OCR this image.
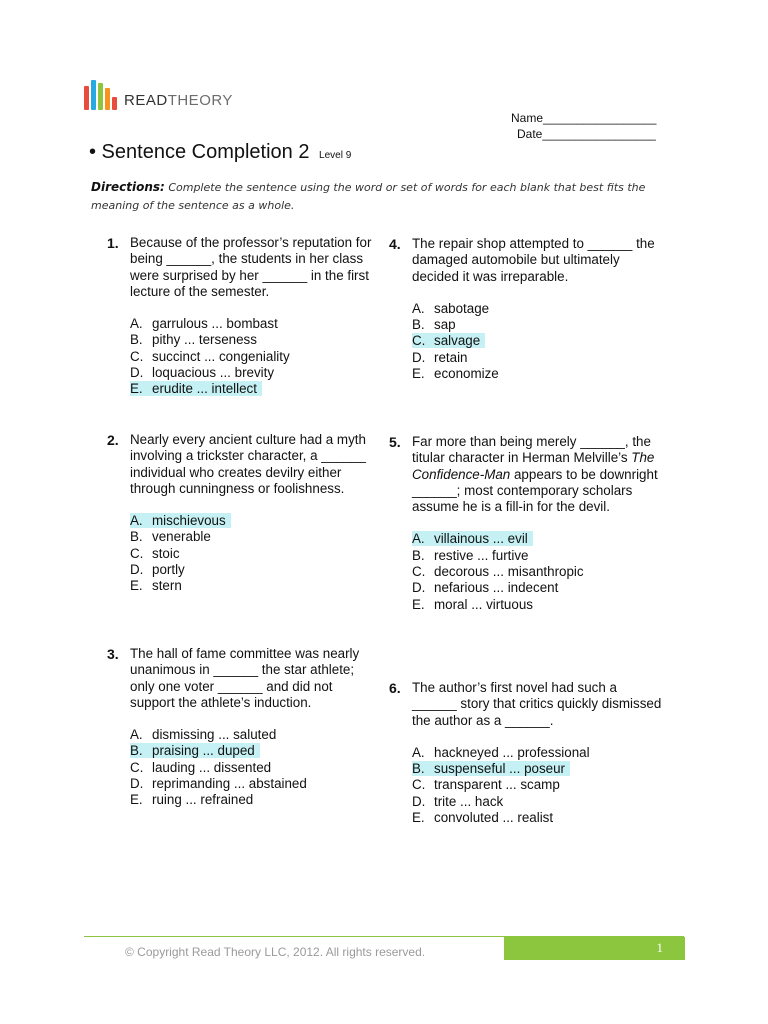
READTHEORY
Name_________________
Date_________________
• Sentence Completion 2 Level 9
Directions: Complete the sentence using the word or set of words for each blank that best fits the meaning of the sentence as a whole.
1. Because of the professor’s reputation for being ______, the students in her class were surprised by her ______ in the first lecture of the semester.

A. garrulous ... bombast
B. pithy ... terseness
C. succinct ... congeniality
D. loquacious ... brevity
E. erudite ... intellect
2. Nearly every ancient culture had a myth involving a trickster character, a ______ individual who creates devilry either through cunningness or foolishness.

A. mischievous
B. venerable
C. stoic
D. portly
E. stern
3. The hall of fame committee was nearly unanimous in ______ the star athlete; only one voter ______ and did not support the athlete’s induction.

A. dismissing ... saluted
B. praising ... duped
C. lauding ... dissented
D. reprimanding ... abstained
E. ruing ... refrained
4. The repair shop attempted to ______ the damaged automobile but ultimately decided it was irreparable.

A. sabotage
B. sap
C. salvage
D. retain
E. economize
5. Far more than being merely ______, the titular character in Herman Melville’s The Confidence-Man appears to be downright ______; most contemporary scholars assume he is a fill-in for the devil.

A. villainous ... evil
B. restive ... furtive
C. decorous ... misanthropic
D. nefarious ... indecent
E. moral ... virtuous
6. The author’s first novel had such a ______ story that critics quickly dismissed the author as a ______.

A. hackneyed ... professional
B. suspenseful ... poseur
C. transparent ... scamp
D. trite ... hack
E. convoluted ... realist
© Copyright Read Theory LLC, 2012. All rights reserved.	1
